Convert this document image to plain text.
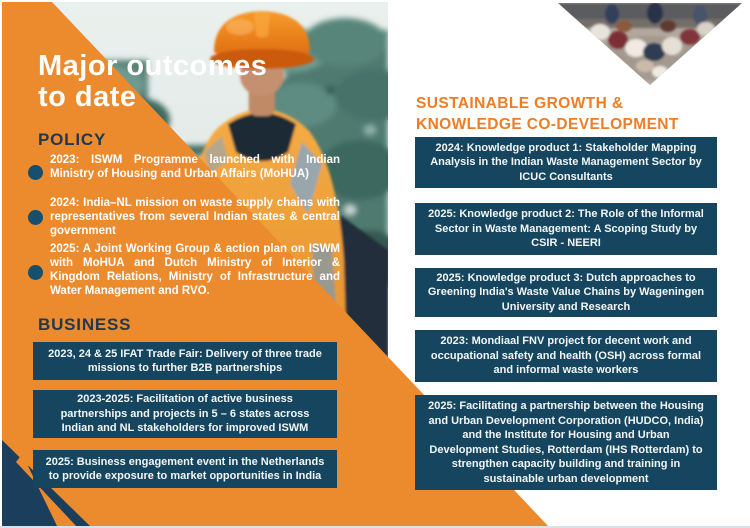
Major outcomes
to date
POLICY
2023: ISWM Programme launched with Indian Ministry of Housing and Urban Affairs (MoHUA)
2024: India–NL mission on waste supply chains with representatives from several Indian states & central government
2025: A Joint Working Group & action plan on ISWM with MoHUA and Dutch Ministry of Interior & Kingdom Relations, Ministry of Infrastructure and Water Management and RVO.
BUSINESS
2023, 24 & 25 IFAT Trade Fair: Delivery of three trade missions to further B2B partnerships
2023-2025: Facilitation of active business partnerships and projects in 5 – 6 states across Indian and NL stakeholders for improved ISWM
2025: Business engagement event in the Netherlands to provide exposure to market opportunities in India
SUSTAINABLE GROWTH & KNOWLEDGE CO-DEVELOPMENT
2024: Knowledge product 1: Stakeholder Mapping Analysis in the Indian Waste Management Sector by ICUC Consultants
2025: Knowledge product 2: The Role of the Informal Sector in Waste Management: A Scoping Study by CSIR - NEERI
2025: Knowledge product 3: Dutch approaches to Greening India's Waste Value Chains by Wageningen University and Research
2023: Mondiaal FNV project for decent work and occupational safety and health (OSH) across formal and informal waste workers
2025: Facilitating a partnership between the Housing and Urban Development Corporation (HUDCO, India) and the Institute for Housing and Urban Development Studies, Rotterdam (IHS Rotterdam) to strengthen capacity building and training in sustainable urban development
